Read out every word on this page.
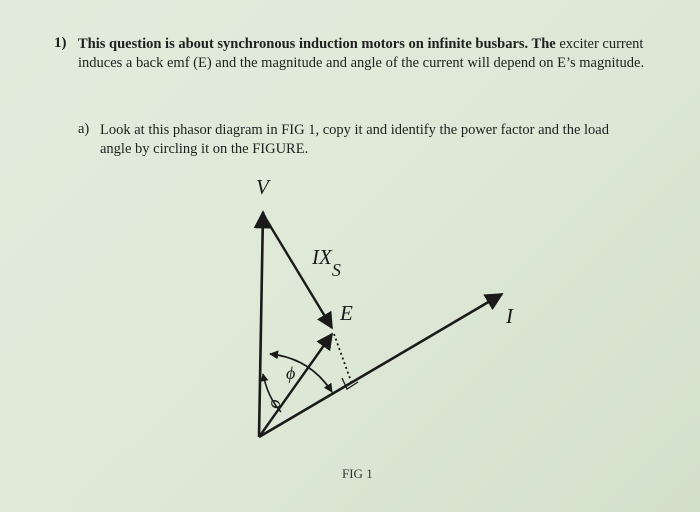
1) This question is about synchronous induction motors on infinite busbars. The exciter current induces a back emf (E) and the magnitude and angle of the current will depend on E’s magnitude.
a) Look at this phasor diagram in FIG 1, copy it and identify the power factor and the load angle by circling it on the FIGURE.
V
IXS
E	I
ϕ
σ
FIG 1
